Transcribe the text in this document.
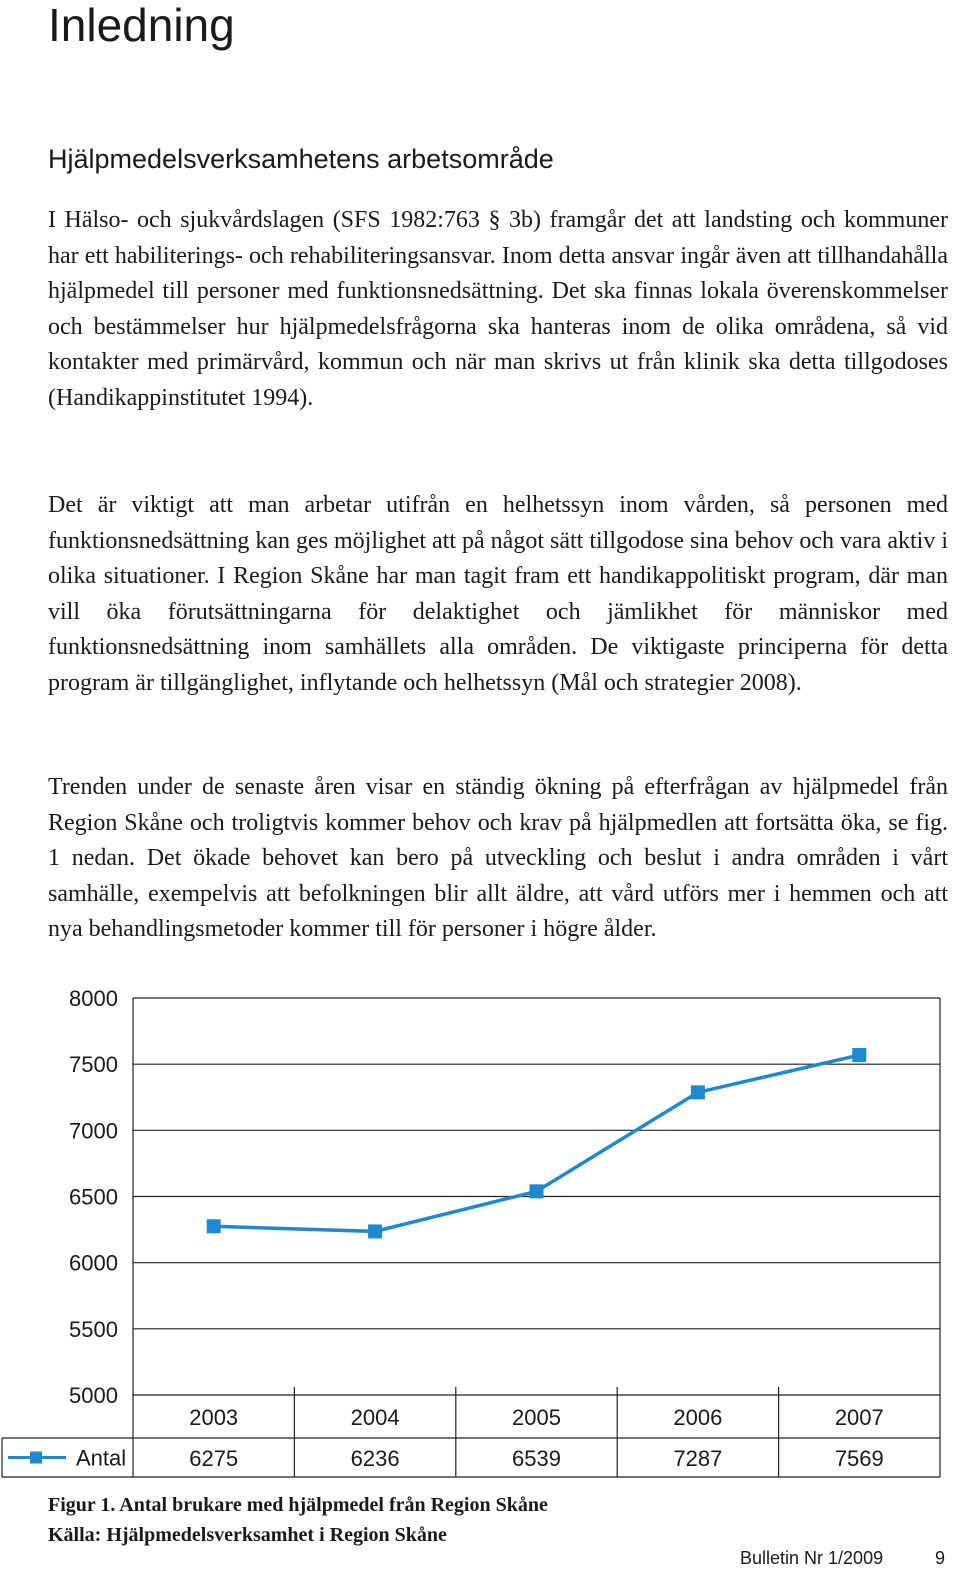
Inledning
Hjälpmedelsverksamhetens arbetsområde

I Hälso- och sjukvårdslagen (SFS 1982:763 § 3b) framgår det att landsting och kommuner har ett habiliterings- och rehabiliteringsansvar. Inom detta ansvar ingår även att tillhandahålla hjälpmedel till personer med funktionsnedsättning. Det ska finnas lokala överenskommelser och bestämmelser hur hjälpmedelsfrågorna ska hanteras inom de olika områdena, så vid kontakter med primärvård, kommun och när man skrivs ut från klinik ska detta tillgodoses (Handikappinstitutet 1994).

Det är viktigt att man arbetar utifrån en helhetssyn inom vården, så personen med funktionsnedsättning kan ges möjlighet att på något sätt tillgodose sina behov och vara aktiv i olika situationer. I Region Skåne har man tagit fram ett handikappolitiskt program, där man vill öka förutsättningarna för delaktighet och jämlikhet för människor med funktionsnedsättning inom samhällets alla områden. De viktigaste principerna för detta program är tillgänglighet, inflytande och helhetssyn (Mål och strategier 2008).

Trenden under de senaste åren visar en ständig ökning på efterfrågan av hjälpmedel från Region Skåne och troligtvis kommer behov och krav på hjälpmedlen att fortsätta öka, se fig. 1 nedan. Det ökade behovet kan bero på utveckling och beslut i andra områden i vårt samhälle, exempelvis att befolkningen blir allt äldre, att vård utförs mer i hemmen och att nya behandlingsmetoder kommer till för personer i högre ålder.

8000
7500
7000
6500
6000
5500
5000
2003	2004	2005	2006	2007
6275	6236	6539	7287	7569
Antal

Figur 1. Antal brukare med hjälpmedel från Region Skåne

Källa: Hjälpmedelsverksamhet i Region Skåne

Bulletin Nr 1/2009	9
